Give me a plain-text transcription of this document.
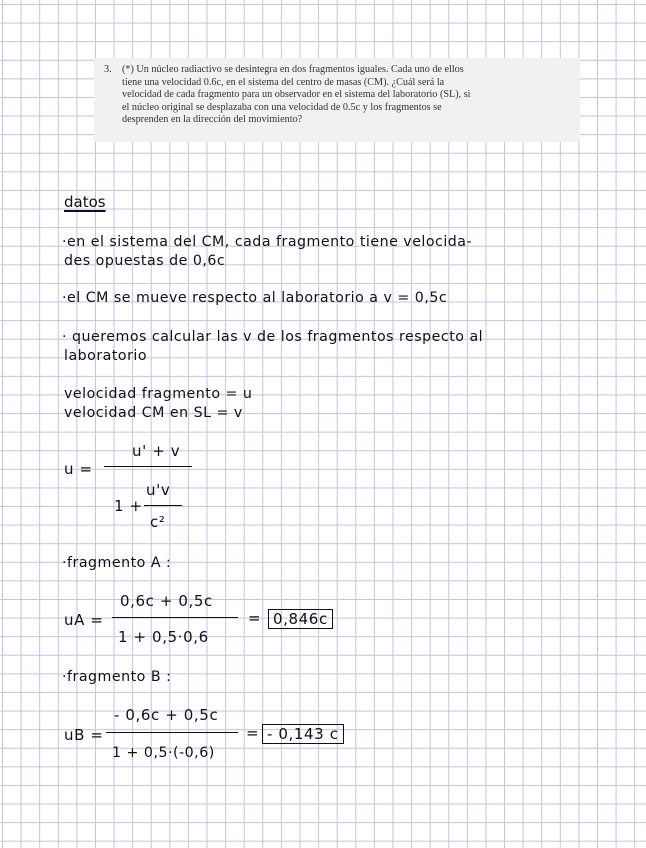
3. (*) Un núcleo radiactivo se desintegra en dos fragmentos iguales. Cada uno de ellos
tiene una velocidad 0.6c, en el sistema del centro de masas (CM). ¿Cuál será la
velocidad de cada fragmento para un observador en el sistema del laboratorio (SL), si
el núcleo original se desplazaba con una velocidad de 0.5c y los fragmentos se
desprenden en la dirección del movimiento?
datos
·en el sistema del CM, cada fragmento tiene velocida-
des opuestas de 0,6c
·el CM se mueve respecto al laboratorio a v = 0,5c
· queremos calcular las v de los fragmentos respecto al
laboratorio
velocidad fragmento = u
velocidad CM en SL = v
u =
u' + v
1 +
u'v
c²
·fragmento A :
uA =
0,6c + 0,5c
1 + 0,5·0,6
= 0,846c
·fragmento B :
uB =
- 0,6c + 0,5c
1 + 0,5·(-0,6)
= - 0,143 c
